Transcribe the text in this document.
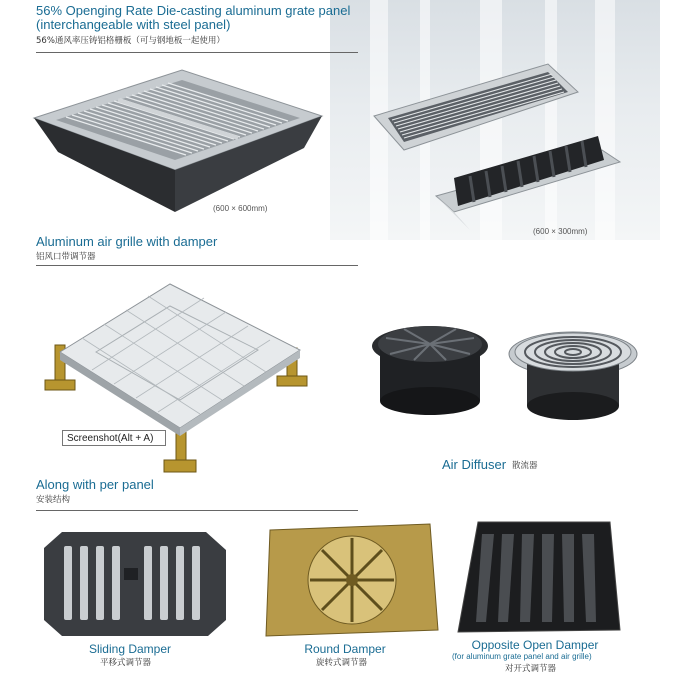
56% Openging Rate Die-casting aluminum grate panel
(interchangeable with steel panel)
56%通风率压铸铝格栅板（可与钢地板一起使用）
(600 × 600mm)
(600 × 300mm)
Aluminum air grille with damper
铝风口带调节器
Screenshot(Alt + A)
Air Diffuser 散流器
Along with per panel
安装结构
Sliding Damper
平移式调节器
Round Damper
旋转式调节器
Opposite Open Damper
(for aluminum grate panel and air grille)
对开式调节器
